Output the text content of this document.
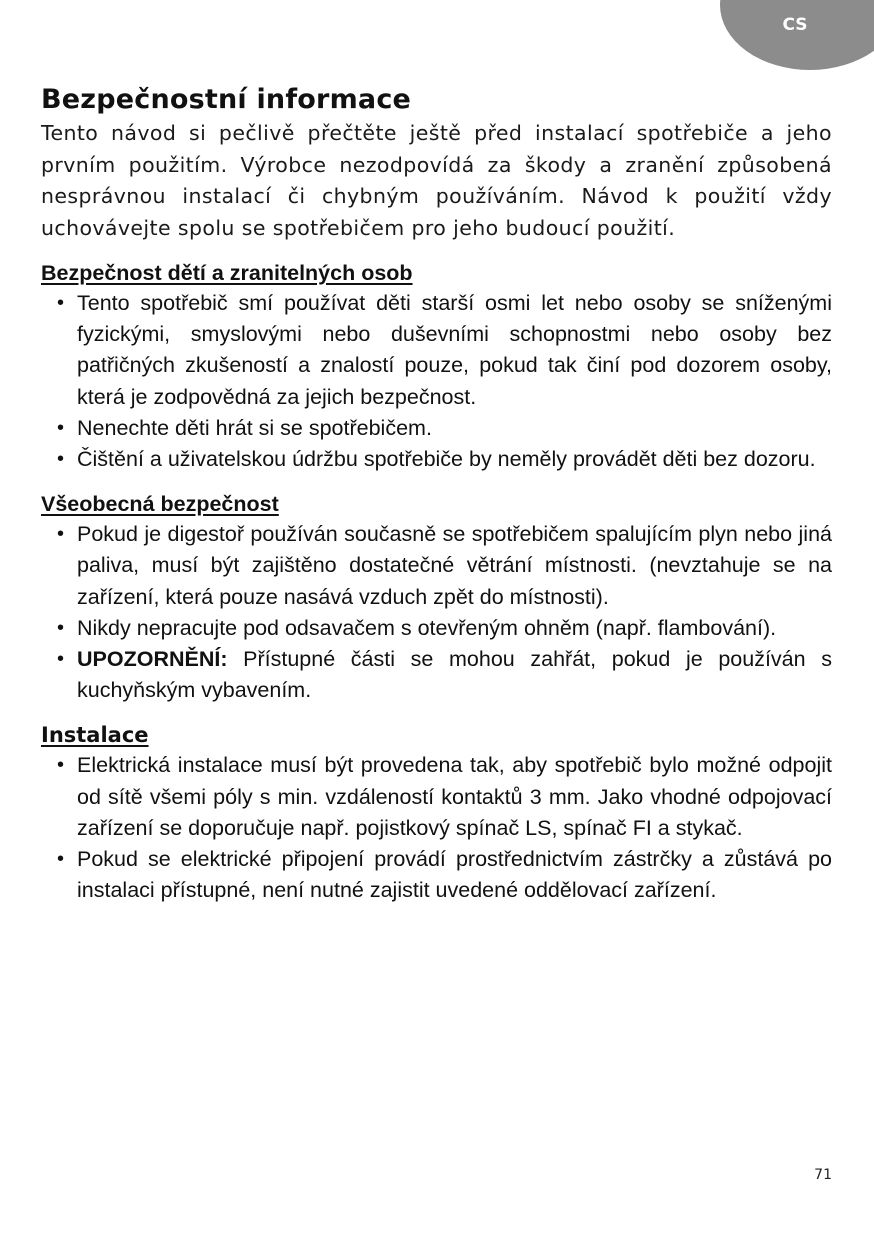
CS
Bezpečnostní informace

Tento návod si pečlivě přečtěte ještě před instalací spotřebiče a jeho prvním použitím. Výrobce nezodpovídá za škody a zranění způsobená nesprávnou instalací či chybným používáním. Návod k použití vždy uchovávejte spolu se spotřebičem pro jeho budoucí použití.

Bezpečnost dětí a zranitelných osob
• Tento spotřebič smí používat děti starší osmi let nebo osoby se sníženými fyzickými, smyslovými nebo duševními schopnostmi nebo osoby bez patřičných zkušeností a znalostí pouze, pokud tak činí pod dozorem osoby, která je zodpovědná za jejich bezpečnost.
• Nenechte děti hrát si se spotřebičem.
• Čištění a uživatelskou údržbu spotřebiče by neměly provádět děti bez dozoru.
Všeobecná bezpečnost
• Pokud je digestoř používán současně se spotřebičem spalujícím plyn nebo jiná paliva, musí být zajištěno dostatečné větrání místnosti. (nevztahuje se na zařízení, která pouze nasává vzduch zpět do místnosti).
• Nikdy nepracujte pod odsavačem s otevřeným ohněm (např. flambování).
• UPOZORNĚNÍ: Přístupné části se mohou zahřát, pokud je používán s kuchyňským vybavením.
Instalace
• Elektrická instalace musí být provedena tak, aby spotřebič bylo možné odpojit od sítě všemi póly s min. vzdáleností kontaktů 3 mm. Jako vhodné odpojovací zařízení se doporučuje např. pojistkový spínač LS, spínač FI a stykač.
• Pokud se elektrické připojení provádí prostřednictvím zástrčky a zůstává po instalaci přístupné, není nutné zajistit uvedené oddělovací zařízení.
71
